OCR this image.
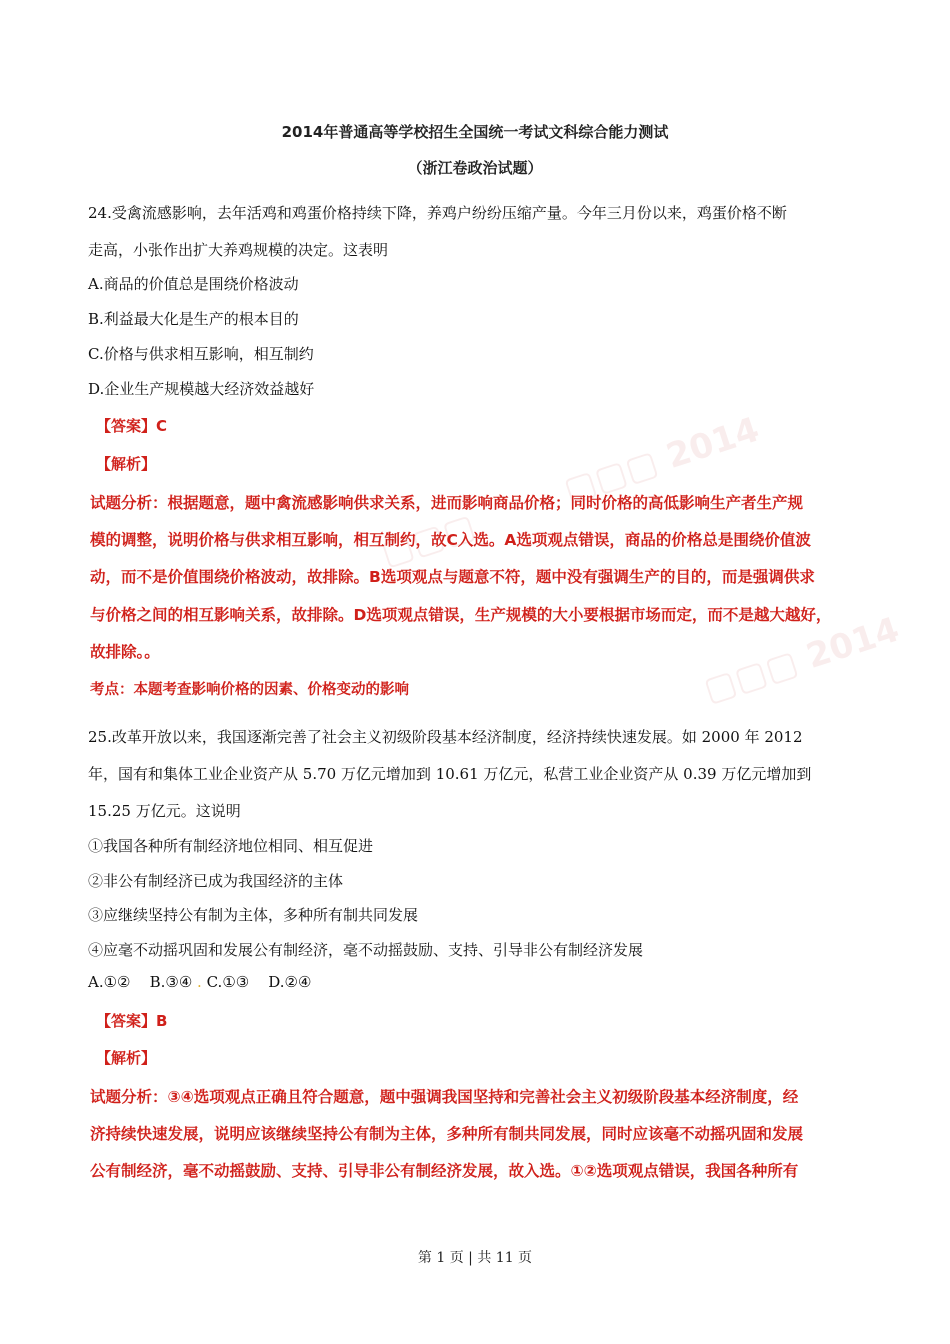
▢▢▢ 2014
▢▢▢ 2014
▢▢▢
2014年普通高等学校招生全国统一考试文科综合能力测试
（浙江卷政治试题）
24.受禽流感影响，去年活鸡和鸡蛋价格持续下降，养鸡户纷纷压缩产量。今年三月份以来，鸡蛋价格不断
走高，小张作出扩大养鸡规模的决定。这表明
A.商品的价值总是围绕价格波动
B.利益最大化是生产的根本目的
C.价格与供求相互影响，相互制约
D.企业生产规模越大经济效益越好
【答案】C
【解析】
试题分析：根据题意，题中禽流感影响供求关系，进而影响商品价格；同时价格的高低影响生产者生产规
模的调整，说明价格与供求相互影响，相互制约，故C入选。A选项观点错误，商品的价格总是围绕价值波
动，而不是价值围绕价格波动，故排除。B选项观点与题意不符，题中没有强调生产的目的，而是强调供求
与价格之间的相互影响关系，故排除。D选项观点错误，生产规模的大小要根据市场而定，而不是越大越好，
故排除。。
考点：本题考查影响价格的因素、价格变动的影响
25.改革开放以来，我国逐渐完善了社会主义初级阶段基本经济制度，经济持续快速发展。如 2000 年 2012
年，国有和集体工业企业资产从 5.70 万亿元增加到 10.61 万亿元，私营工业企业资产从 0.39 万亿元增加到
15.25 万亿元。这说明
①我国各种所有制经济地位相同、相互促进
②非公有制经济已成为我国经济的主体
③应继续坚持公有制为主体，多种所有制共同发展
④应毫不动摇巩固和发展公有制经济，毫不动摇鼓励、支持、引导非公有制经济发展
A.①② B.③④ . C.①③ D.②④
【答案】B
【解析】
试题分析：③④选项观点正确且符合题意，题中强调我国坚持和完善社会主义初级阶段基本经济制度，经
济持续快速发展，说明应该继续坚持公有制为主体，多种所有制共同发展，同时应该毫不动摇巩固和发展
公有制经济，毫不动摇鼓励、支持、引导非公有制经济发展，故入选。①②选项观点错误，我国各种所有
第 1 页 | 共 11 页
